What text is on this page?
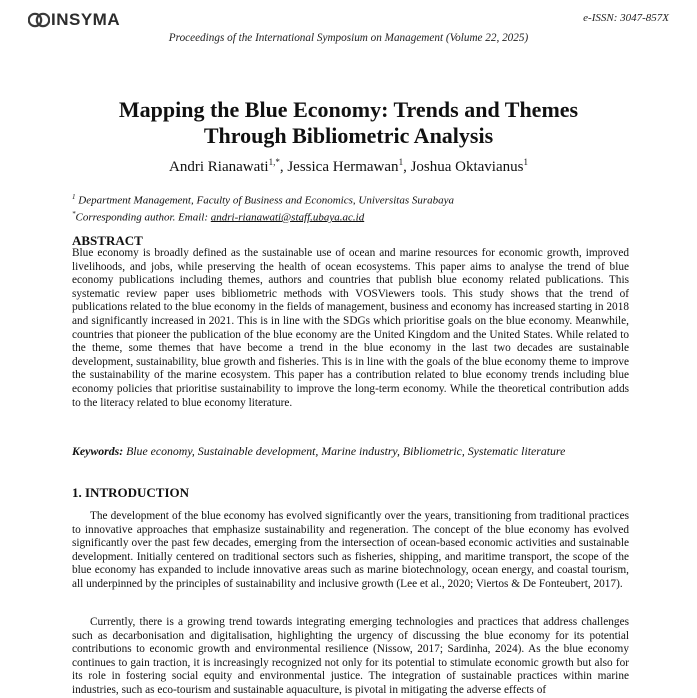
INSYMA	e-ISSN: 3047-857X
Proceedings of the International Symposium on Management (Volume 22, 2025)
Mapping the Blue Economy: Trends and Themes
Through Bibliometric Analysis
Andri Rianawati$^{1,*}$, Jessica Hermawan$^1$, Joshua Oktavianus$^1$
$^1$ Department Management, Faculty of Business and Economics, Universitas Surabaya
*Corresponding author. Email: andri-rianawati@staff.ubaya.ac.id
ABSTRACT
Blue economy is broadly defined as the sustainable use of ocean and marine resources for economic growth, improved livelihoods, and jobs, while preserving the health of ocean ecosystems. This paper aims to analyse the trend of blue economy publications including themes, authors and countries that publish blue economy related publications. This systematic review paper uses bibliometric methods with VOSViewers tools. This study shows that the trend of publications related to the blue economy in the fields of management, business and economy has increased starting in 2018 and significantly increased in 2021. This is in line with the SDGs which prioritise goals on the blue economy. Meanwhile, countries that pioneer the publication of the blue economy are the United Kingdom and the United States. While related to the theme, some themes that have become a trend in the blue economy in the last two decades are sustainable development, sustainability, blue growth and fisheries. This is in line with the goals of the blue economy theme to improve the sustainability of the marine ecosystem. This paper has a contribution related to blue economy trends including blue economy policies that prioritise sustainability to improve the long-term economy. While the theoretical contribution adds to the literacy related to blue economy literature.
Keywords: Blue economy, Sustainable development, Marine industry, Bibliometric, Systematic literature
1. INTRODUCTION
The development of the blue economy has evolved significantly over the years, transitioning from traditional practices to innovative approaches that emphasize sustainability and regeneration. The concept of the blue economy has evolved significantly over the past few decades, emerging from the intersection of ocean-based economic activities and sustainable development. Initially centered on traditional sectors such as fisheries, shipping, and maritime transport, the scope of the blue economy has expanded to include innovative areas such as marine biotechnology, ocean energy, and coastal tourism, all underpinned by the principles of sustainability and inclusive growth (Lee et al., 2020; Viertos & De Fonteubert, 2017).
Currently, there is a growing trend towards integrating emerging technologies and practices that address challenges such as decarbonisation and digitalisation, highlighting the urgency of discussing the blue economy for its potential contributions to economic growth and environmental resilience (Nissow, 2017; Sardinha, 2024). As the blue economy continues to gain traction, it is increasingly recognized not only for its potential to stimulate economic growth but also for its role in fostering social equity and environmental justice. The integration of sustainable practices within marine industries, such as eco-tourism and sustainable aquaculture, is pivotal in mitigating the adverse effects of
